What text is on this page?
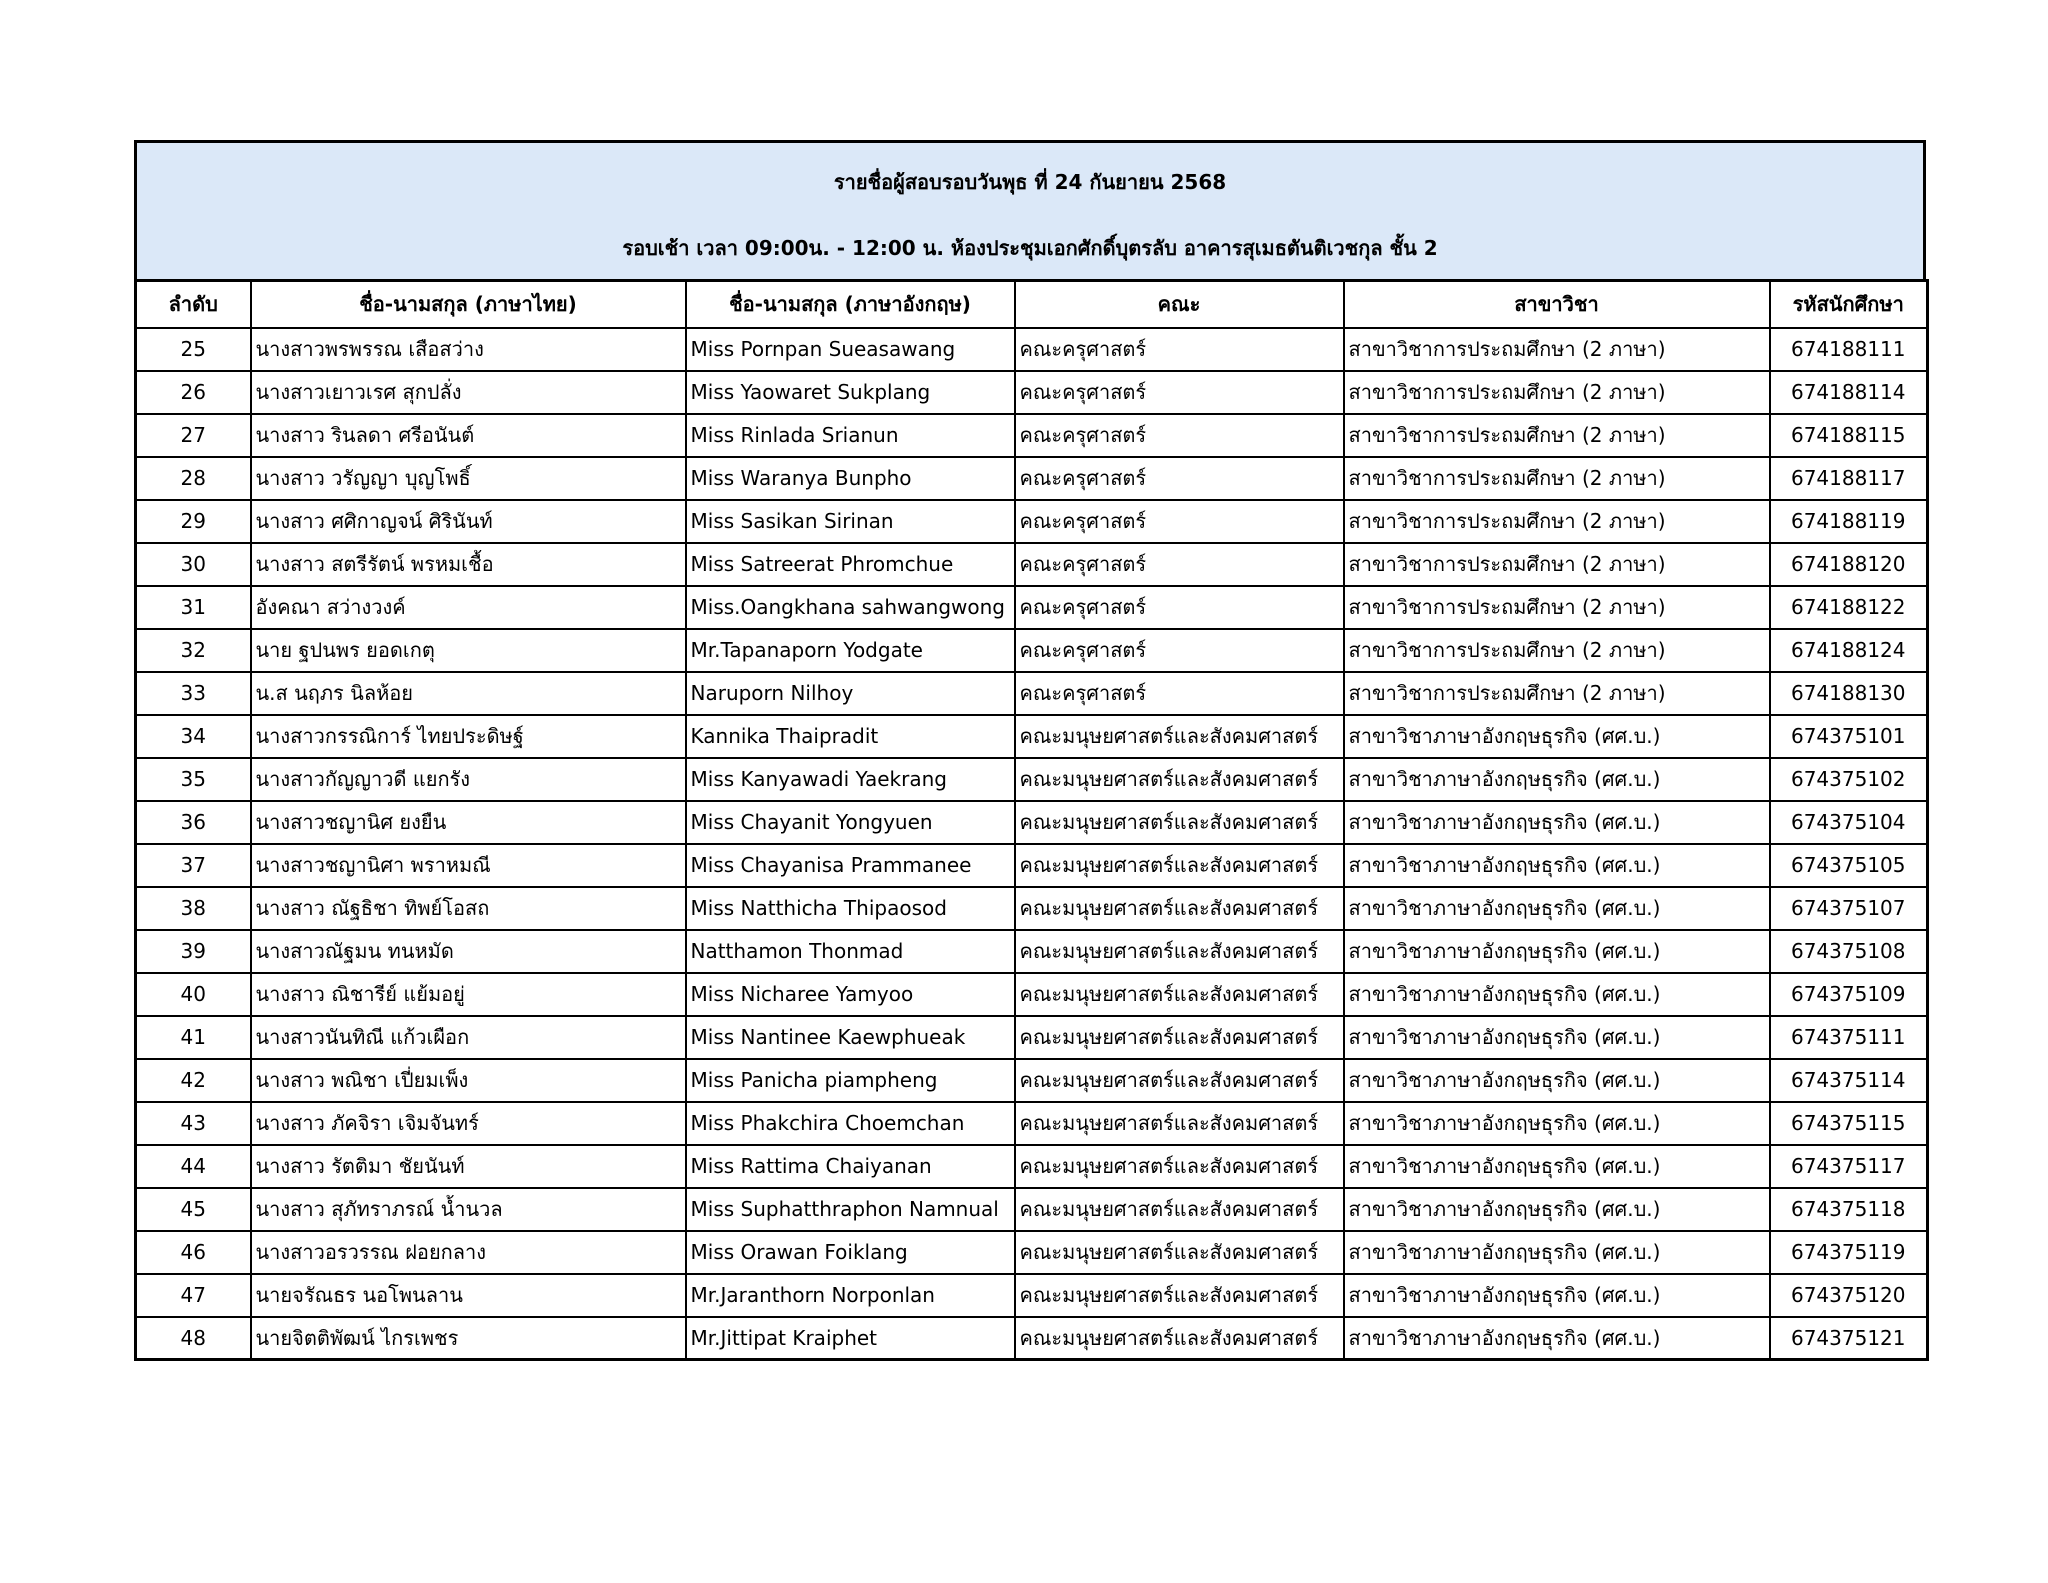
รายชื่อผู้สอบรอบวันพุธ ที่ 24 กันยายน 2568
รอบเช้า เวลา 09:00น. - 12:00 น. ห้องประชุมเอกศักดิ์บุตรลับ อาคารสุเมธตันติเวชกุล ชั้น 2
ลำดับ	ชื่อ-นามสกุล (ภาษาไทย)	ชื่อ-นามสกุล (ภาษาอังกฤษ)	คณะ	สาขาวิชา	รหัสนักศึกษา
25	นางสาวพรพรรณ เสือสว่าง	Miss Pornpan Sueasawang	คณะครุศาสตร์	สาขาวิชาการประถมศึกษา (2 ภาษา)	674188111
26	นางสาวเยาวเรศ สุกปลั่ง	Miss Yaowaret Sukplang	คณะครุศาสตร์	สาขาวิชาการประถมศึกษา (2 ภาษา)	674188114
27	นางสาว รินลดา ศรีอนันต์	Miss Rinlada Srianun	คณะครุศาสตร์	สาขาวิชาการประถมศึกษา (2 ภาษา)	674188115
28	นางสาว วรัญญา บุญโพธิ์	Miss Waranya Bunpho	คณะครุศาสตร์	สาขาวิชาการประถมศึกษา (2 ภาษา)	674188117
29	นางสาว ศศิกาญจน์ ศิรินันท์	Miss Sasikan Sirinan	คณะครุศาสตร์	สาขาวิชาการประถมศึกษา (2 ภาษา)	674188119
30	นางสาว สตรีรัตน์ พรหมเชื้อ	Miss Satreerat Phromchue	คณะครุศาสตร์	สาขาวิชาการประถมศึกษา (2 ภาษา)	674188120
31	อังคณา สว่างวงค์	Miss.Oangkhana sahwangwong	คณะครุศาสตร์	สาขาวิชาการประถมศึกษา (2 ภาษา)	674188122
32	นาย ฐปนพร ยอดเกตุ	Mr.Tapanaporn Yodgate	คณะครุศาสตร์	สาขาวิชาการประถมศึกษา (2 ภาษา)	674188124
33	น.ส นฤภร นิลห้อย	Naruporn Nilhoy	คณะครุศาสตร์	สาขาวิชาการประถมศึกษา (2 ภาษา)	674188130
34	นางสาวกรรณิการ์ ไทยประดิษฐ์	Kannika Thaipradit	คณะมนุษยศาสตร์และสังคมศาสตร์	สาขาวิชาภาษาอังกฤษธุรกิจ (ศศ.บ.)	674375101
35	นางสาวกัญญาวดี แยกรัง	Miss Kanyawadi Yaekrang	คณะมนุษยศาสตร์และสังคมศาสตร์	สาขาวิชาภาษาอังกฤษธุรกิจ (ศศ.บ.)	674375102
36	นางสาวชญานิศ ยงยืน	Miss Chayanit Yongyuen	คณะมนุษยศาสตร์และสังคมศาสตร์	สาขาวิชาภาษาอังกฤษธุรกิจ (ศศ.บ.)	674375104
37	นางสาวชญานิศา พราหมณี	Miss Chayanisa Prammanee	คณะมนุษยศาสตร์และสังคมศาสตร์	สาขาวิชาภาษาอังกฤษธุรกิจ (ศศ.บ.)	674375105
38	นางสาว ณัฐธิชา ทิพย์โอสถ	Miss Natthicha Thipaosod	คณะมนุษยศาสตร์และสังคมศาสตร์	สาขาวิชาภาษาอังกฤษธุรกิจ (ศศ.บ.)	674375107
39	นางสาวณัฐมน ทนหมัด	Natthamon Thonmad	คณะมนุษยศาสตร์และสังคมศาสตร์	สาขาวิชาภาษาอังกฤษธุรกิจ (ศศ.บ.)	674375108
40	นางสาว ณิชารีย์ แย้มอยู่	Miss Nicharee Yamyoo	คณะมนุษยศาสตร์และสังคมศาสตร์	สาขาวิชาภาษาอังกฤษธุรกิจ (ศศ.บ.)	674375109
41	นางสาวนันทิณี แก้วเผือก	Miss Nantinee Kaewphueak	คณะมนุษยศาสตร์และสังคมศาสตร์	สาขาวิชาภาษาอังกฤษธุรกิจ (ศศ.บ.)	674375111
42	นางสาว พณิชา เปี่ยมเพ็ง	Miss Panicha piampheng	คณะมนุษยศาสตร์และสังคมศาสตร์	สาขาวิชาภาษาอังกฤษธุรกิจ (ศศ.บ.)	674375114
43	นางสาว ภัคจิรา เจิมจันทร์	Miss Phakchira Choemchan	คณะมนุษยศาสตร์และสังคมศาสตร์	สาขาวิชาภาษาอังกฤษธุรกิจ (ศศ.บ.)	674375115
44	นางสาว รัตติมา ชัยนันท์	Miss Rattima Chaiyanan	คณะมนุษยศาสตร์และสังคมศาสตร์	สาขาวิชาภาษาอังกฤษธุรกิจ (ศศ.บ.)	674375117
45	นางสาว สุภัทราภรณ์ น้ำนวล	Miss Suphatthraphon Namnual	คณะมนุษยศาสตร์และสังคมศาสตร์	สาขาวิชาภาษาอังกฤษธุรกิจ (ศศ.บ.)	674375118
46	นางสาวอรวรรณ ฝอยกลาง	Miss Orawan Foiklang	คณะมนุษยศาสตร์และสังคมศาสตร์	สาขาวิชาภาษาอังกฤษธุรกิจ (ศศ.บ.)	674375119
47	นายจรัณธร นอโพนลาน	Mr.Jaranthorn Norponlan	คณะมนุษยศาสตร์และสังคมศาสตร์	สาขาวิชาภาษาอังกฤษธุรกิจ (ศศ.บ.)	674375120
48	นายจิตติพัฒน์ ไกรเพชร	Mr.Jittipat Kraiphet	คณะมนุษยศาสตร์และสังคมศาสตร์	สาขาวิชาภาษาอังกฤษธุรกิจ (ศศ.บ.)	674375121
